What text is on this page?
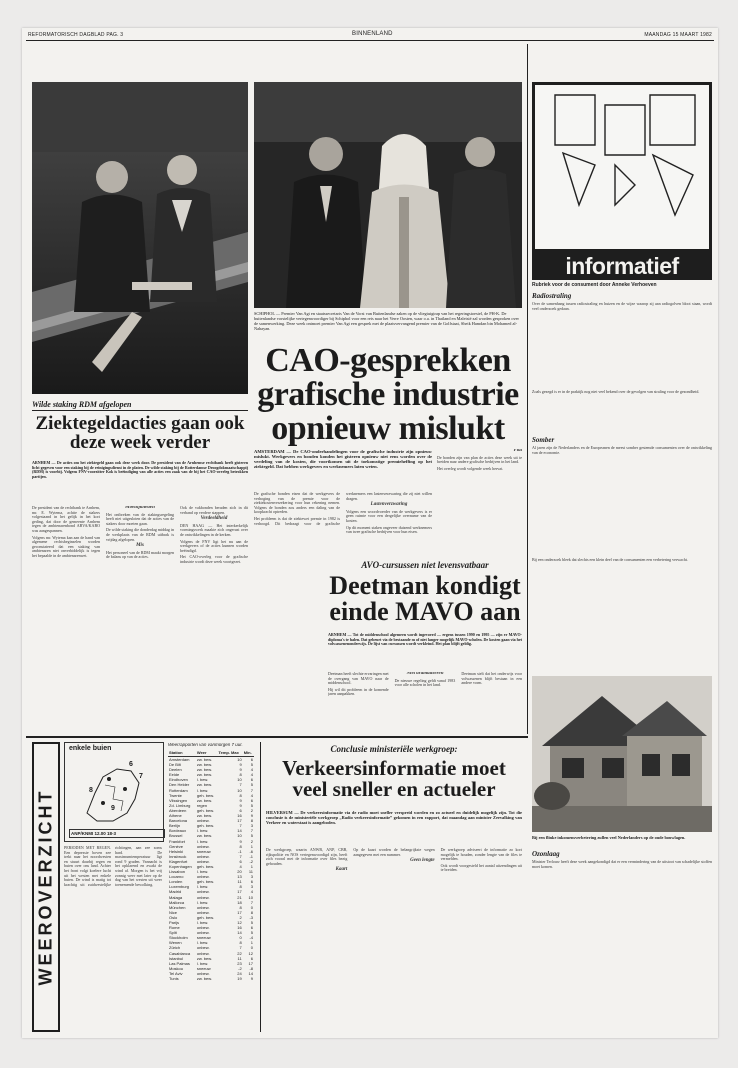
REFORMATORISCH DAGBLAD PAG. 3	BINNENLAND	MAANDAG 15 MAART 1982
Wilde staking RDM afgelopen
Ziektegeldacties gaan ook deze week verder
ARNHEM — De acties om het ziektegeld gaan ook deze week door. De president van de Arnhemse rechtbank heeft gisteren licht gegeven voor een staking bij de reinigingsdienst in de platen. De wilde staking bij de Rotterdamse Droogdokmaatschappij (RDM) is voorbij. Volgens FNV-voorzitter Kok is beëindiging van alle acties een zaak van de bij het CAO-overleg betrokken partijen.

De president van de rechtbank te Arnhem, mr. E. Wytema, achtte de stakers volgestaand in het gelijk in het kort geding, dat door de gemeente Arnhem tegen de ambtenarenbond ABVA/KABO was aangespannen.

Volgens mr. Wytema kan aan de hand van algemene rechtsbeginselen worden geconstateerd dat een staking van ambtenaren niet onverbiddelijk is tegen het bepaalde in de ambtenarenwet.

Moeilijkheden

Het ontbreken van de stakingsregeling heeft niet uitgesloten dat de acties van de stakers door moeten gaan.

De wilde staking die donderdag middag in de werkplaats van de RDM uitbrak is vrijdag afgelopen.

Mis

Het personeel van de RDM maakt morgen de balans op van de acties.

Ook de vakbonden beraden zich in dit verband op verdere stappen.

Verdeeldheid

DEN HAAG — Het interkerkelijk vormingswerk maakte zich ongerust over de ontwikkelingen in de kerken.

Volgens de FNV ligt het nu aan de werkgevers of de acties kunnen worden beëindigd.

Het CAO-overleg voor de grafische industrie wordt deze week voortgezet.

SCHIPHOL — Premier Van Agt en staatssecretaris Van de Vorst van Buitenlandse zaken op de vliegtuigtrap van het regeringstoestel, de PH-K. De buitenlandse vorstelijke vertegenwoordiger bij Schiphol voor een reis naar het Verre Oosten, waar o.a. in Thailand en Maleisië zal worden gesproken over de samenwerking. Deze week ontmoet premier Van Agt een gesprek met de plaatsvervangend premier van de Golfstaat, Sheik Hamdan bin Mohamed al-Nahayan.
CAO-gesprekken grafische industrie opnieuw mislukt
AMSTERDAM — De CAO-onderhandelingen voor de grafische industrie zijn opnieuw mislukt. Werkgevers en bonden konden het gisteren opnieuw niet eens worden over de verdeling van de kosten, die voortkomen uit de toekomstige premieheffing op het ziektegeld. Dat hebben werkgevers en werknemers laten weten.

De grafische bonden eisen dat de werkgevers de verhoging van de premie voor de ziektekostenverzekering voor hun rekening nemen. Volgens de bonden zou anders een daling van de koopkracht optreden.

Het probleem is dat de ziektewet premie in 1982 is verhoogd. Dit bedraagt voor de grafische werknemers een lastenverzwaring die zij niet willen dragen.

Lastenverzwaring

Volgens een woordvoerder van de werkgevers is er geen ruimte voor een dergelijke overname van de kosten.

Op dit moment staken ongeveer duizend werknemers van twee grafische bedrijven voor hun eisen.

Plat

De bonden zijn van plan de acties deze week uit te breiden naar andere grafische bedrijven in het land.

Het overleg wordt volgende week hervat.

AVO-cursussen niet levensvatbaar
Deetman kondigt einde MAVO aan
ARNHEM — Tot de middenschool algemeen wordt ingevoerd — ergens tussen 1990 en 1995 — zijn er MAVO-diploma's te halen. Dat gebeurt via de bestaande m of niet langer mogelijk MAVO-scholen. De kosten gaan via het volwassenenonderwijs. De lijst van cursussen wordt verkleind. Het plan blijft geldig.

Deetman heeft slechte ervaringen met de overgang van MAVO naar de middenschool.

Hij wil dit probleem in de komende jaren aanpakken.

Niet dramatiseren

De nieuwe regeling geldt vanaf 1983 voor alle scholen in het land.

Deetman stelt dat het onderwijs voor volwassenen blijft bestaan in een andere vorm.

informatief
Rubriek voor de consument door Anneke Verhoeven
Radiostraling
Over de samenhang tussen radiostraling en huizen en de wijze waarop zij aan radiogolven bloot staan, wordt veel onderzoek gedaan.
Zoals gezegd is er in de praktijk nog niet veel bekend over de gevolgen van straling voor de gezondheid.
Somber
Al jaren zijn de Nederlanders en de Europeanen de meest somber gestemde consumenten over de ontwikkeling van de economie.
Bij een onderzoek bleek dat slechts een klein deel van de consumenten een verbetering verwacht.
Bij een flinke inkomensverbetering zullen veel Nederlanders op de oude bouwlagen.
Ozonlaag
Minister Terlouw heeft deze week aangekondigd dat er een vermindering van de uitstoot van schadelijke stoffen moet komen.
WEEROVERZICHT
enkele buien
6
7
8
9
ANP/KNMI 12.00 18-3
PERIODEN MET REGEN. Een depressie boven zee trekt naar het noordwesten en stuurt daarbij regen en buien over ons land. Achter het front volgt koelere lucht uit het westen met enkele buien. De wind is matig tot krachtig uit zuidwestelijke richtingen, aan zee soms hard. De maximumtemperatuur ligt rond 9 graden. Vannacht is het opklarend en zwakt de wind af. Morgen is het vrij zonnig weer met later op de dag van het westen uit weer toenemende bewolking.
Weerrapporten van vanmorgen 7 uur.
Station	Weer	Temp. Max	Min.
Amsterdam	zw. bew.	10	6
De Bilt	zw. bew.	9	5
Deelen	zw. bew.	9	4
Eelde	zw. bew.	8	4
Eindhoven	l. bew.	10	6
Den Helder	zw. bew.	7	5
Rotterdam	l. bew.	10	7
Twente	geh. bew.	8	4
Vlissingen	zw. bew.	9	6
Zd. Limburg	regen	9	5
Aberdeen	geh. bew.	6	2
Athene	zw. bew.	16	9
Barcelona	onbew.	17	8
Berlijn	geh. bew.	7	3
Bordeaux	l. bew.	14	7
Brussel	zw. bew.	10	5
Frankfort	l. bew.	9	2
Genève	onbew.	8	1
Helsinki	sneeuw	-1	-6
Innsbruck	onbew.	7	-1
Klagenfurt	onbew.	6	-2
Kopenhagen	geh. bew.	4	1
Lissabon	l. bew.	20	11
Locarno	onbew.	13	3
Londen	geh. bew.	11	6
Luxemburg	l. bew.	8	3
Madrid	onbew.	17	4
Malaga	onbew.	21	10
Mallorca	l. bew.	18	7
München	onbew.	8	0
Nice	onbew.	17	8
Oslo	geh. bew.	2	-3
Parijs	l. bew.	12	5
Rome	onbew.	16	6
Split	onbew.	14	5
Stockholm	sneeuw	0	-4
Wenen	l. bew.	8	1
Zürich	onbew.	7	0
Casablanca	onbew.	22	12
Istanbul	zw. bew.	11	6
Las Palmas	l. bew.	23	17
Moskou	sneeuw	-2	-8
Tel Aviv	onbew.	24	14
Tunis	zw. bew.	19	9
Conclusie ministeriële werkgroep:
Verkeersinformatie moet veel sneller en actueler
HILVERSUM — De verkeersinformatie via de radio moet sneller verspreid worden en zo actueel en duidelijk mogelijk zijn. Tot die conclusie is de ministeriële werkgroep „Radio verkeersinformatie” gekomen in een rapport, dat maandag aan minister Zeevalking van Verkeer en waterstaat is aangeboden.

De werkgroep, waarin ANWB, ANP, CBB, rijkspolitie en NOS vertegenwoordigd zijn, heeft zich vooral met de informatie over files bezig gehouden.

Kaart

Op de kaart worden de belangrijkste wegen aangegeven met een nummer.

Geen lengte

De werkgroep adviseert de informatie zo kort mogelijk te houden, zonder lengte van de files te vermelden.

Ook wordt voorgesteld het aantal uitzendingen uit te breiden.
